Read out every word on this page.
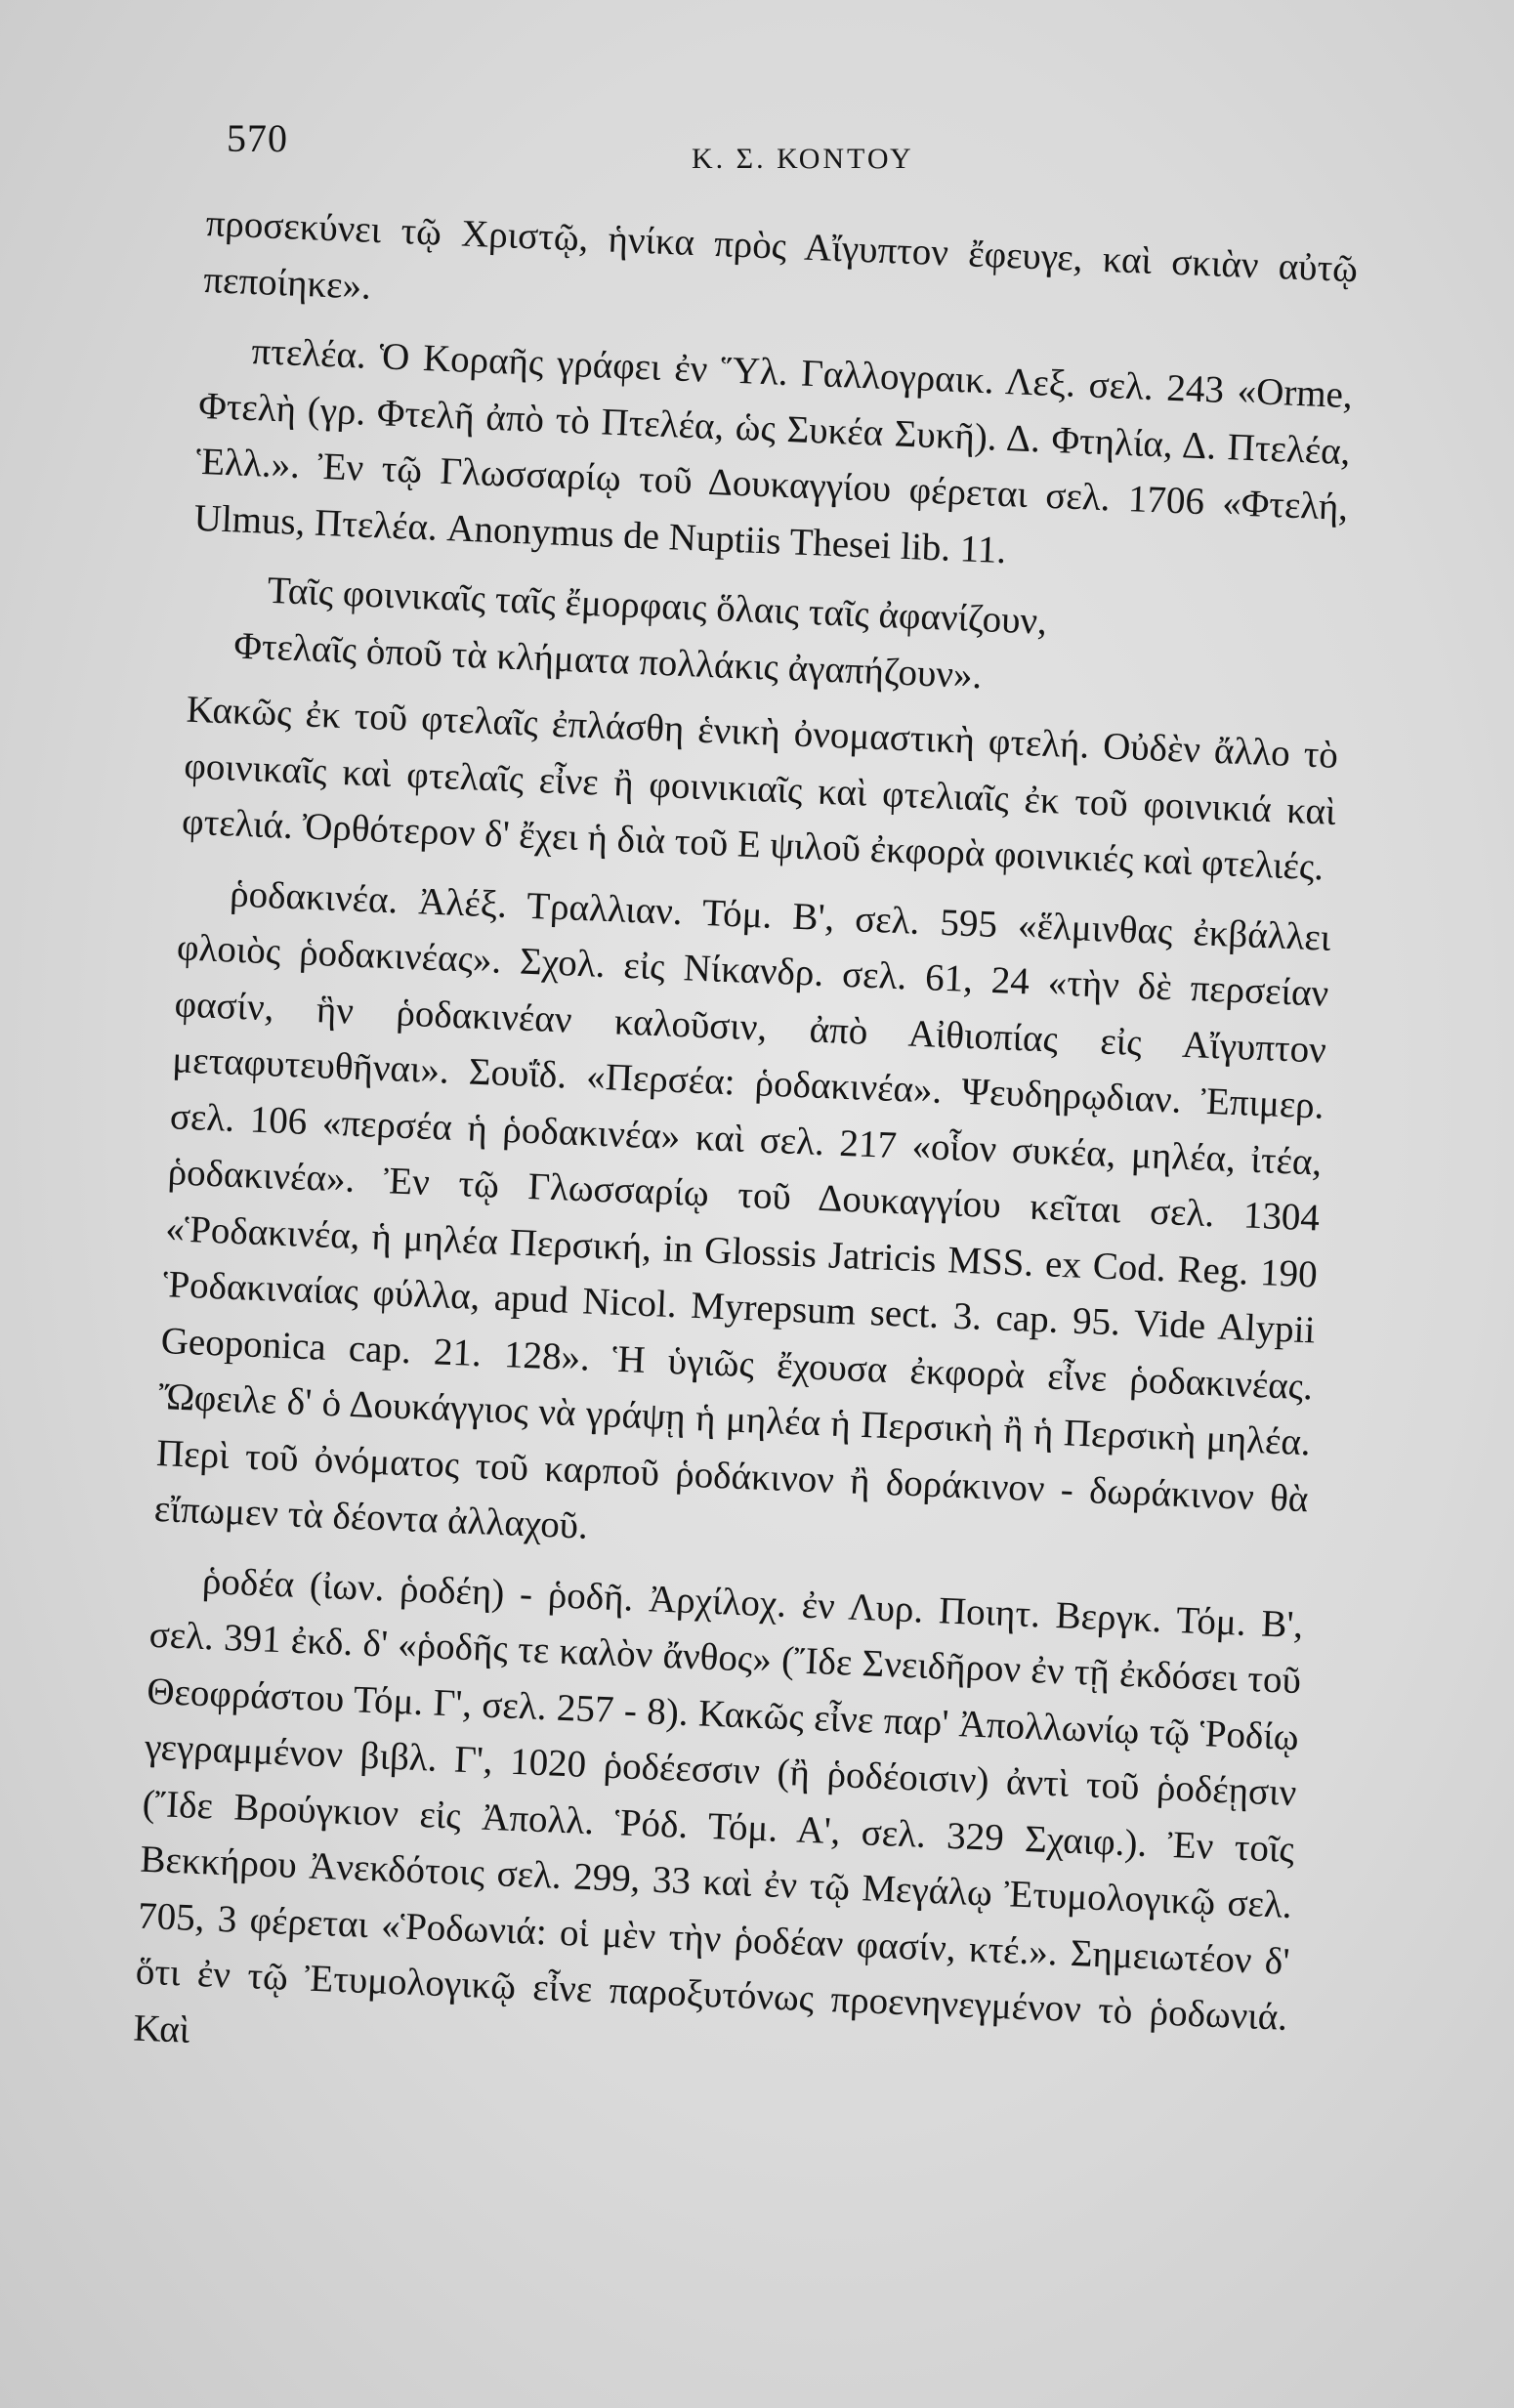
570	Κ. Σ. ΚΟΝΤΟΥ

προσεκύνει τῷ Χριστῷ, ἡνίκα πρὸς Αἴγυπτον ἔφευγε, καὶ σκιὰν αὐτῷ πεποίηκε».

πτελέα. Ὁ Κοραῆς γράφει ἐν Ὕλ. Γαλλογραικ. Λεξ. σελ. 243 «Orme, Φτελὴ (γρ. Φτελῆ ἀπὸ τὸ Πτελέα, ὡς Συκέα Συκῆ). Δ. Φτηλία, Δ. Πτελέα, Ἑλλ.». Ἐν τῷ Γλωσσαρίῳ τοῦ Δουκαγγίου φέρεται σελ. 1706 «Φτελή, Ulmus, Πτελέα. Anonymus de Nuptiis Thesei lib. 11.

Ταῖς φοινικαῖς ταῖς ἔμορφαις ὅλαις ταῖς ἀφανίζουν,
Φτελαῖς ὁποῦ τὰ κλήματα πολλάκις ἀγαπήζουν».

Κακῶς ἐκ τοῦ φτελαῖς ἐπλάσθη ἑνικὴ ὀνομαστικὴ φτελή. Οὐδὲν ἄλλο τὸ φοινικαῖς καὶ φτελαῖς εἶνε ἢ φοινικιαῖς καὶ φτελιαῖς ἐκ τοῦ φοινικιά καὶ φτελιά. Ὀρθότερον δ' ἔχει ἡ διὰ τοῦ Ε ψιλοῦ ἐκφορὰ φοινικιές καὶ φτελιές.

ῥοδακινέα. Ἀλέξ. Τραλλιαν. Τόμ. Β', σελ. 595 «ἕλμινθας ἐκβάλλει φλοιὸς ῥοδακινέας». Σχολ. εἰς Νίκανδρ. σελ. 61, 24 «τὴν δὲ περσείαν φασίν, ἣν ῥοδακινέαν καλοῦσιν, ἀπὸ Αἰθιοπίας εἰς Αἴγυπτον μεταφυτευθῆναι». Σουΐδ. «Περσέα: ῥοδακινέα». Ψευδηρῳδιαν. Ἐπιμερ. σελ. 106 «περσέα ἡ ῥοδακινέα» καὶ σελ. 217 «οἷον συκέα, μηλέα, ἰτέα, ῥοδακινέα». Ἐν τῷ Γλωσσαρίῳ τοῦ Δουκαγγίου κεῖται σελ. 1304 «Ῥοδακινέα, ἡ μηλέα Περσική, in Glossis Jatricis MSS. ex Cod. Reg. 190 Ῥοδακιναίας φύλλα, apud Nicol. Myrepsum sect. 3. cap. 95. Vide Alypii Geoponica cap. 21. 128». Ἡ ὑγιῶς ἔχουσα ἐκφορὰ εἶνε ῥοδακινέας. Ὤφειλε δ' ὁ Δουκάγγιος νὰ γράψῃ ἡ μηλέα ἡ Περσικὴ ἢ ἡ Περσικὴ μηλέα. Περὶ τοῦ ὀνόματος τοῦ καρποῦ ῥοδάκινον ἢ δοράκινον - δωράκινον θὰ εἴπωμεν τὰ δέοντα ἀλλαχοῦ.

ῥοδέα (ἰων. ῥοδέη) - ῥοδῆ. Ἀρχίλοχ. ἐν Λυρ. Ποιητ. Βεργκ. Τόμ. Β', σελ. 391 ἐκδ. δ' «ῥοδῆς τε καλὸν ἄνθος» (Ἴδε Σνειδῆρον ἐν τῇ ἐκδόσει τοῦ Θεοφράστου Τόμ. Γ', σελ. 257 - 8). Κακῶς εἶνε παρ' Ἀπολλωνίῳ τῷ Ῥοδίῳ γεγραμμένον βιβλ. Γ', 1020 ῥοδέεσσιν (ἢ ῥοδέοισιν) ἀντὶ τοῦ ῥοδέῃσιν (Ἴδε Βρούγκιον εἰς Ἀπολλ. Ῥόδ. Τόμ. Α', σελ. 329 Σχαιφ.). Ἐν τοῖς Βεκκήρου Ἀνεκδότοις σελ. 299, 33 καὶ ἐν τῷ Μεγάλῳ Ἐτυμολογικῷ σελ. 705, 3 φέρεται «Ῥοδωνιά: οἱ μὲν τὴν ῥοδέαν φασίν, κτέ.». Σημειωτέον δ' ὅτι ἐν τῷ Ἐτυμολογικῷ εἶνε παροξυτόνως προενηνεγμένον τὸ ῥοδωνιά. Καὶ
